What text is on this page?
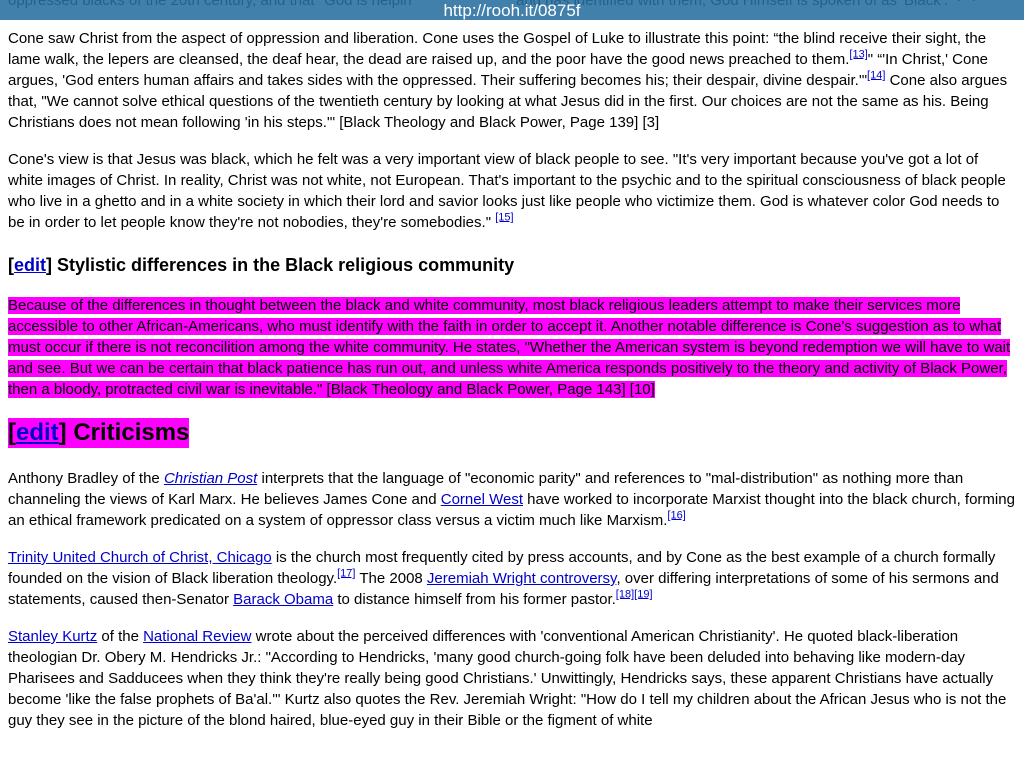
http://rooh.it/0875f

Cone saw Christ from the aspect of oppression and liberation. Cone uses the Gospel of Luke to illustrate this point: “the blind receive their sight, the lame walk, the lepers are cleansed, the deaf hear, the dead are raised up, and the poor have the good news preached to them.[13]" “'In Christ,' Cone argues, 'God enters human affairs and takes sides with the oppressed. Their suffering becomes his; their despair, divine despair.'"[14] Cone also argues that, "We cannot solve ethical questions of the twentieth century by looking at what Jesus did in the first. Our choices are not the same as his. Being Christians does not mean following 'in his steps.'" [Black Theology and Black Power, Page 139] [3]

Cone's view is that Jesus was black, which he felt was a very important view of black people to see. "It's very important because you've got a lot of white images of Christ. In reality, Christ was not white, not European. That's important to the psychic and to the spiritual consciousness of black people who live in a ghetto and in a white society in which their lord and savior looks just like people who victimize them. God is whatever color God needs to be in order to let people know they're not nobodies, they're somebodies." [15]

[edit] Stylistic differences in the Black religious community

Because of the differences in thought between the black and white community, most black religious leaders attempt to make their services more accessible to other African-Americans, who must identify with the faith in order to accept it. Another notable difference is Cone's suggestion as to what must occur if there is not reconcilition among the white community. He states, "Whether the American system is beyond redemption we will have to wait and see. But we can be certain that black patience has run out, and unless white America responds positively to the theory and activity of Black Power, then a bloody, protracted civil war is inevitable." [Black Theology and Black Power, Page 143] [10]

[edit] Criticisms

Anthony Bradley of the Christian Post interprets that the language of "economic parity" and references to "mal-distribution" as nothing more than channeling the views of Karl Marx. He believes James Cone and Cornel West have worked to incorporate Marxist thought into the black church, forming an ethical framework predicated on a system of oppressor class versus a victim much like Marxism.[16]

Trinity United Church of Christ, Chicago is the church most frequently cited by press accounts, and by Cone as the best example of a church formally founded on the vision of Black liberation theology.[17] The 2008 Jeremiah Wright controversy, over differing interpretations of some of his sermons and statements, caused then-Senator Barack Obama to distance himself from his former pastor.[18][19]

Stanley Kurtz of the National Review wrote about the perceived differences with 'conventional American Christianity'. He quoted black-liberation theologian Dr. Obery M. Hendricks Jr.: "According to Hendricks, 'many good church-going folk have been deluded into behaving like modern-day Pharisees and Sadducees when they think they're really being good Christians.' Unwittingly, Hendricks says, these apparent Christians have actually become 'like the false prophets of Ba'al.'" Kurtz also quotes the Rev. Jeremiah Wright: "How do I tell my children about the African Jesus who is not the guy they see in the picture of the blond haired, blue-eyed guy in their Bible or the figment of white
